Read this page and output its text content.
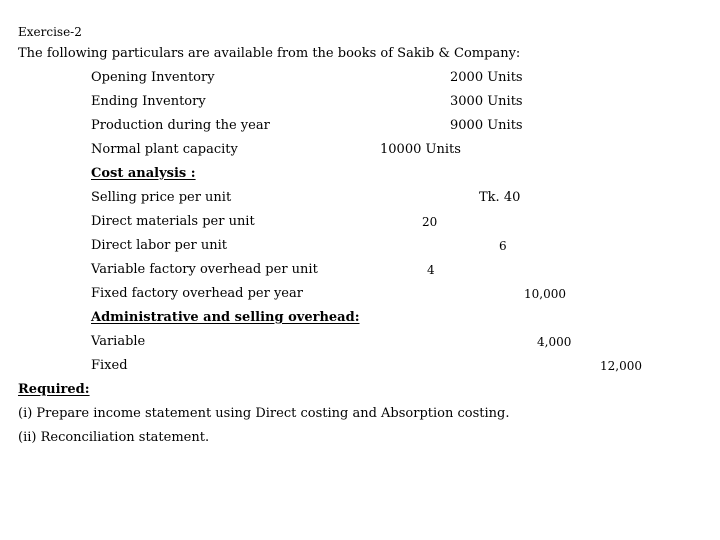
Exercise-2
The following particulars are available from the books of Sakib & Company:
Opening Inventory	2000 Units
Ending Inventory	3000 Units
Production during the year	9000 Units
Normal plant capacity	10000 Units
Cost analysis :
Selling price per unit	Tk. 40
Direct materials per unit	20
Direct labor per unit	6
Variable factory overhead per unit	4
Fixed factory overhead per year	10,000
Administrative and selling overhead:
Variable	4,000
Fixed	12,000
Required:
(i) Prepare income statement using Direct costing and Absorption costing.
(ii) Reconciliation statement.
